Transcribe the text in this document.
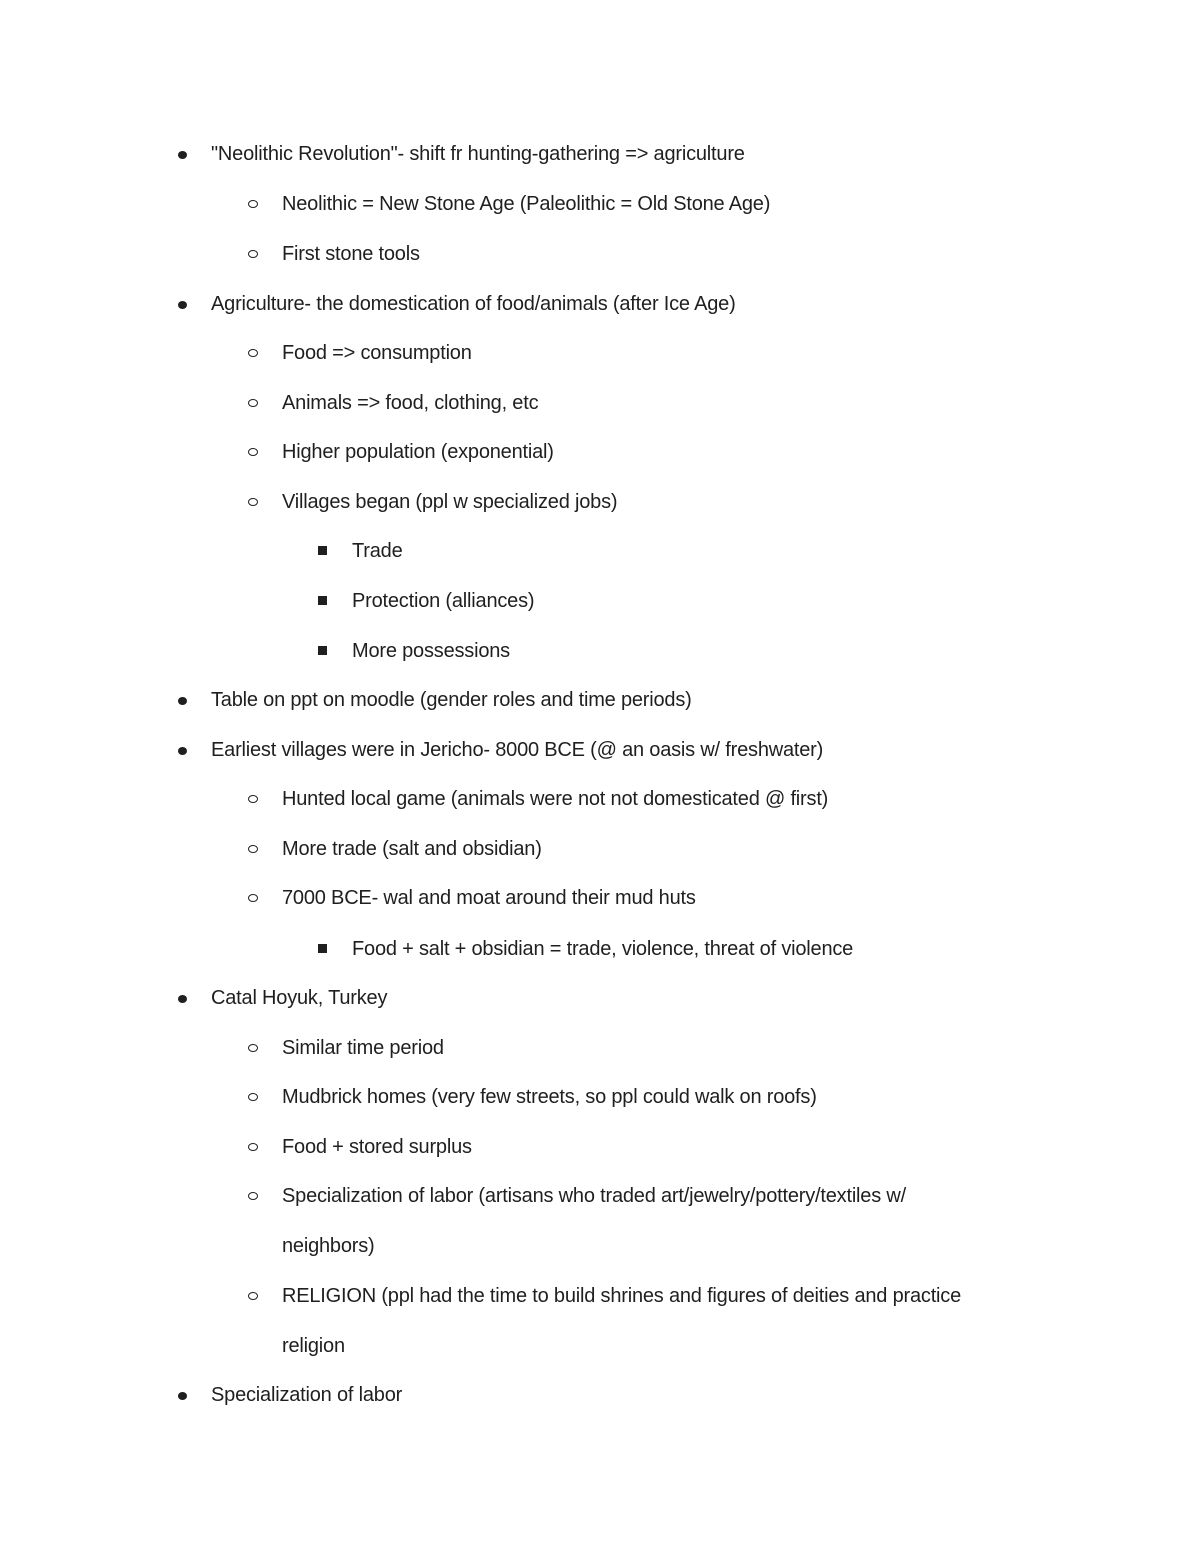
"Neolithic Revolution"- shift fr hunting-gathering => agriculture
Neolithic = New Stone Age (Paleolithic = Old Stone Age)
First stone tools
Agriculture- the domestication of food/animals (after Ice Age)
Food => consumption
Animals => food, clothing, etc
Higher population (exponential)
Villages began (ppl w specialized jobs)
Trade
Protection (alliances)
More possessions
Table on ppt on moodle (gender roles and time periods)
Earliest villages were in Jericho- 8000 BCE (@ an oasis w/ freshwater)
Hunted local game (animals were not not domesticated @ first)
More trade (salt and obsidian)
7000 BCE- wal and moat around their mud huts
Food + salt + obsidian = trade, violence, threat of violence
Catal Hoyuk, Turkey
Similar time period
Mudbrick homes (very few streets, so ppl could walk on roofs)
Food + stored surplus
Specialization of labor (artisans who traded art/jewelry/pottery/textiles w/
neighbors)
RELIGION (ppl had the time to build shrines and figures of deities and practice
religion
Specialization of labor
